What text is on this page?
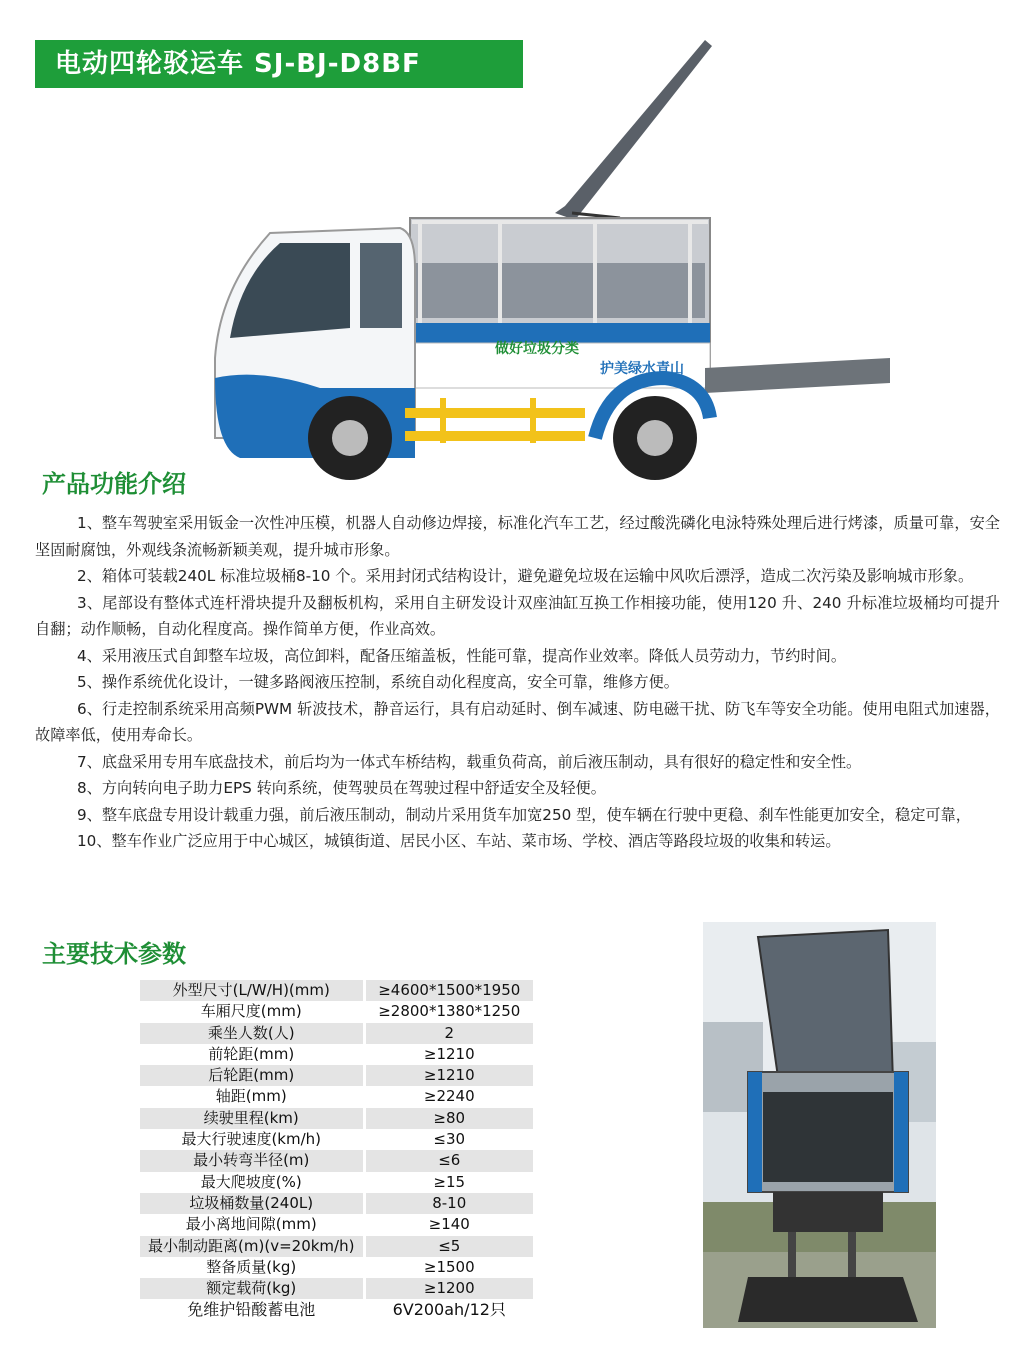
电动四轮驳运车 SJ-BJ-D8BF
做好垃圾分类
护美绿水青山
产品功能介绍

1、整车驾驶室采用钣金一次性冲压模，机器人自动修边焊接，标准化汽车工艺，经过酸洗磷化电泳特殊处理后进行烤漆，质量可靠，安全坚固耐腐蚀，外观线条流畅新颖美观，提升城市形象。

2、箱体可装载240L 标准垃圾桶8-10 个。采用封闭式结构设计，避免避免垃圾在运输中风吹后漂浮，造成二次污染及影响城市形象。

3、尾部设有整体式连杆滑块提升及翻板机构，采用自主研发设计双座油缸互换工作相接功能，使用120 升、240 升标准垃圾桶均可提升自翻；动作顺畅，自动化程度高。操作简单方便，作业高效。

4、采用液压式自卸整车垃圾，高位卸料，配备压缩盖板，性能可靠，提高作业效率。降低人员劳动力，节约时间。

5、操作系统优化设计，一键多路阀液压控制，系统自动化程度高，安全可靠，维修方便。

6、行走控制系统采用高频PWM 斩波技术，静音运行，具有启动延时、倒车减速、防电磁干扰、防飞车等安全功能。使用电阻式加速器，故障率低，使用寿命长。

7、底盘采用专用车底盘技术，前后均为一体式车桥结构，载重负荷高，前后液压制动，具有很好的稳定性和安全性。

8、方向转向电子助力EPS 转向系统，使驾驶员在驾驶过程中舒适安全及轻便。

9、整车底盘专用设计载重力强，前后液压制动，制动片采用货车加宽250 型，使车辆在行驶中更稳、刹车性能更加安全，稳定可靠，

10、整车作业广泛应用于中心城区，城镇街道、居民小区、车站、菜市场、学校、酒店等路段垃圾的收集和转运。

主要技术参数
外型尺寸(L/W/H)(mm)	≥4600*1500*1950
车厢尺度(mm)	≥2800*1380*1250
乘坐人数(人)	2
前轮距(mm)	≥1210
后轮距(mm)	≥1210
轴距(mm)	≥2240
续驶里程(km)	≥80
最大行驶速度(km/h)	≤30
最小转弯半径(m)	≤6
最大爬坡度(%)	≥15
垃圾桶数量(240L)	8-10
最小离地间隙(mm)	≥140
最小制动距离(m)(v=20km/h)	≤5
整备质量(kg)	≥1500
额定载荷(kg)	≥1200
免维护铅酸蓄电池	6V200ah/12只
